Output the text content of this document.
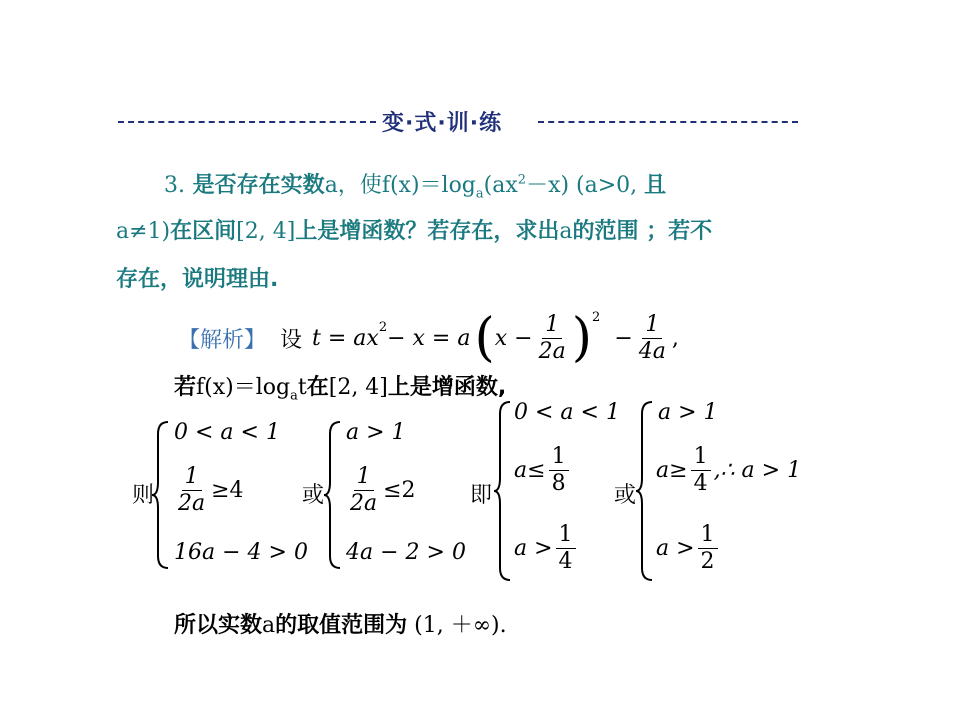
变·式·训·练
3. 是否存在实数a，使$f(x)=\log_a(ax^2-x)$ (a>0, 且
a≠1)在区间[2, 4]上是增函数？若存在，求出a的范围 ；若不
存在，说明理由.
【解析】 设 $t = ax^2 - x = a$ ( $x - \frac{1}{2a} )^2$
− $\frac{1}{4a}$ ,
若$f(x)=\log_at$在[2, 4]上是增函数,
则
0 < a < 1
$\frac{1}{2a} \ge 4$
16a − 4 > 0
或
a > 1
$\frac{1}{2a} \le 2$
4a − 2 > 0
即
0 < a < 1
$a\le \frac{1}{8}$
$a > \frac{1}{4}$
或
a > 1
$a\ge \frac{1}{4}$ ,∴ a > 1
$a > \frac{1}{2}$
所以实数a的取值范围为 (1, ＋∞).
